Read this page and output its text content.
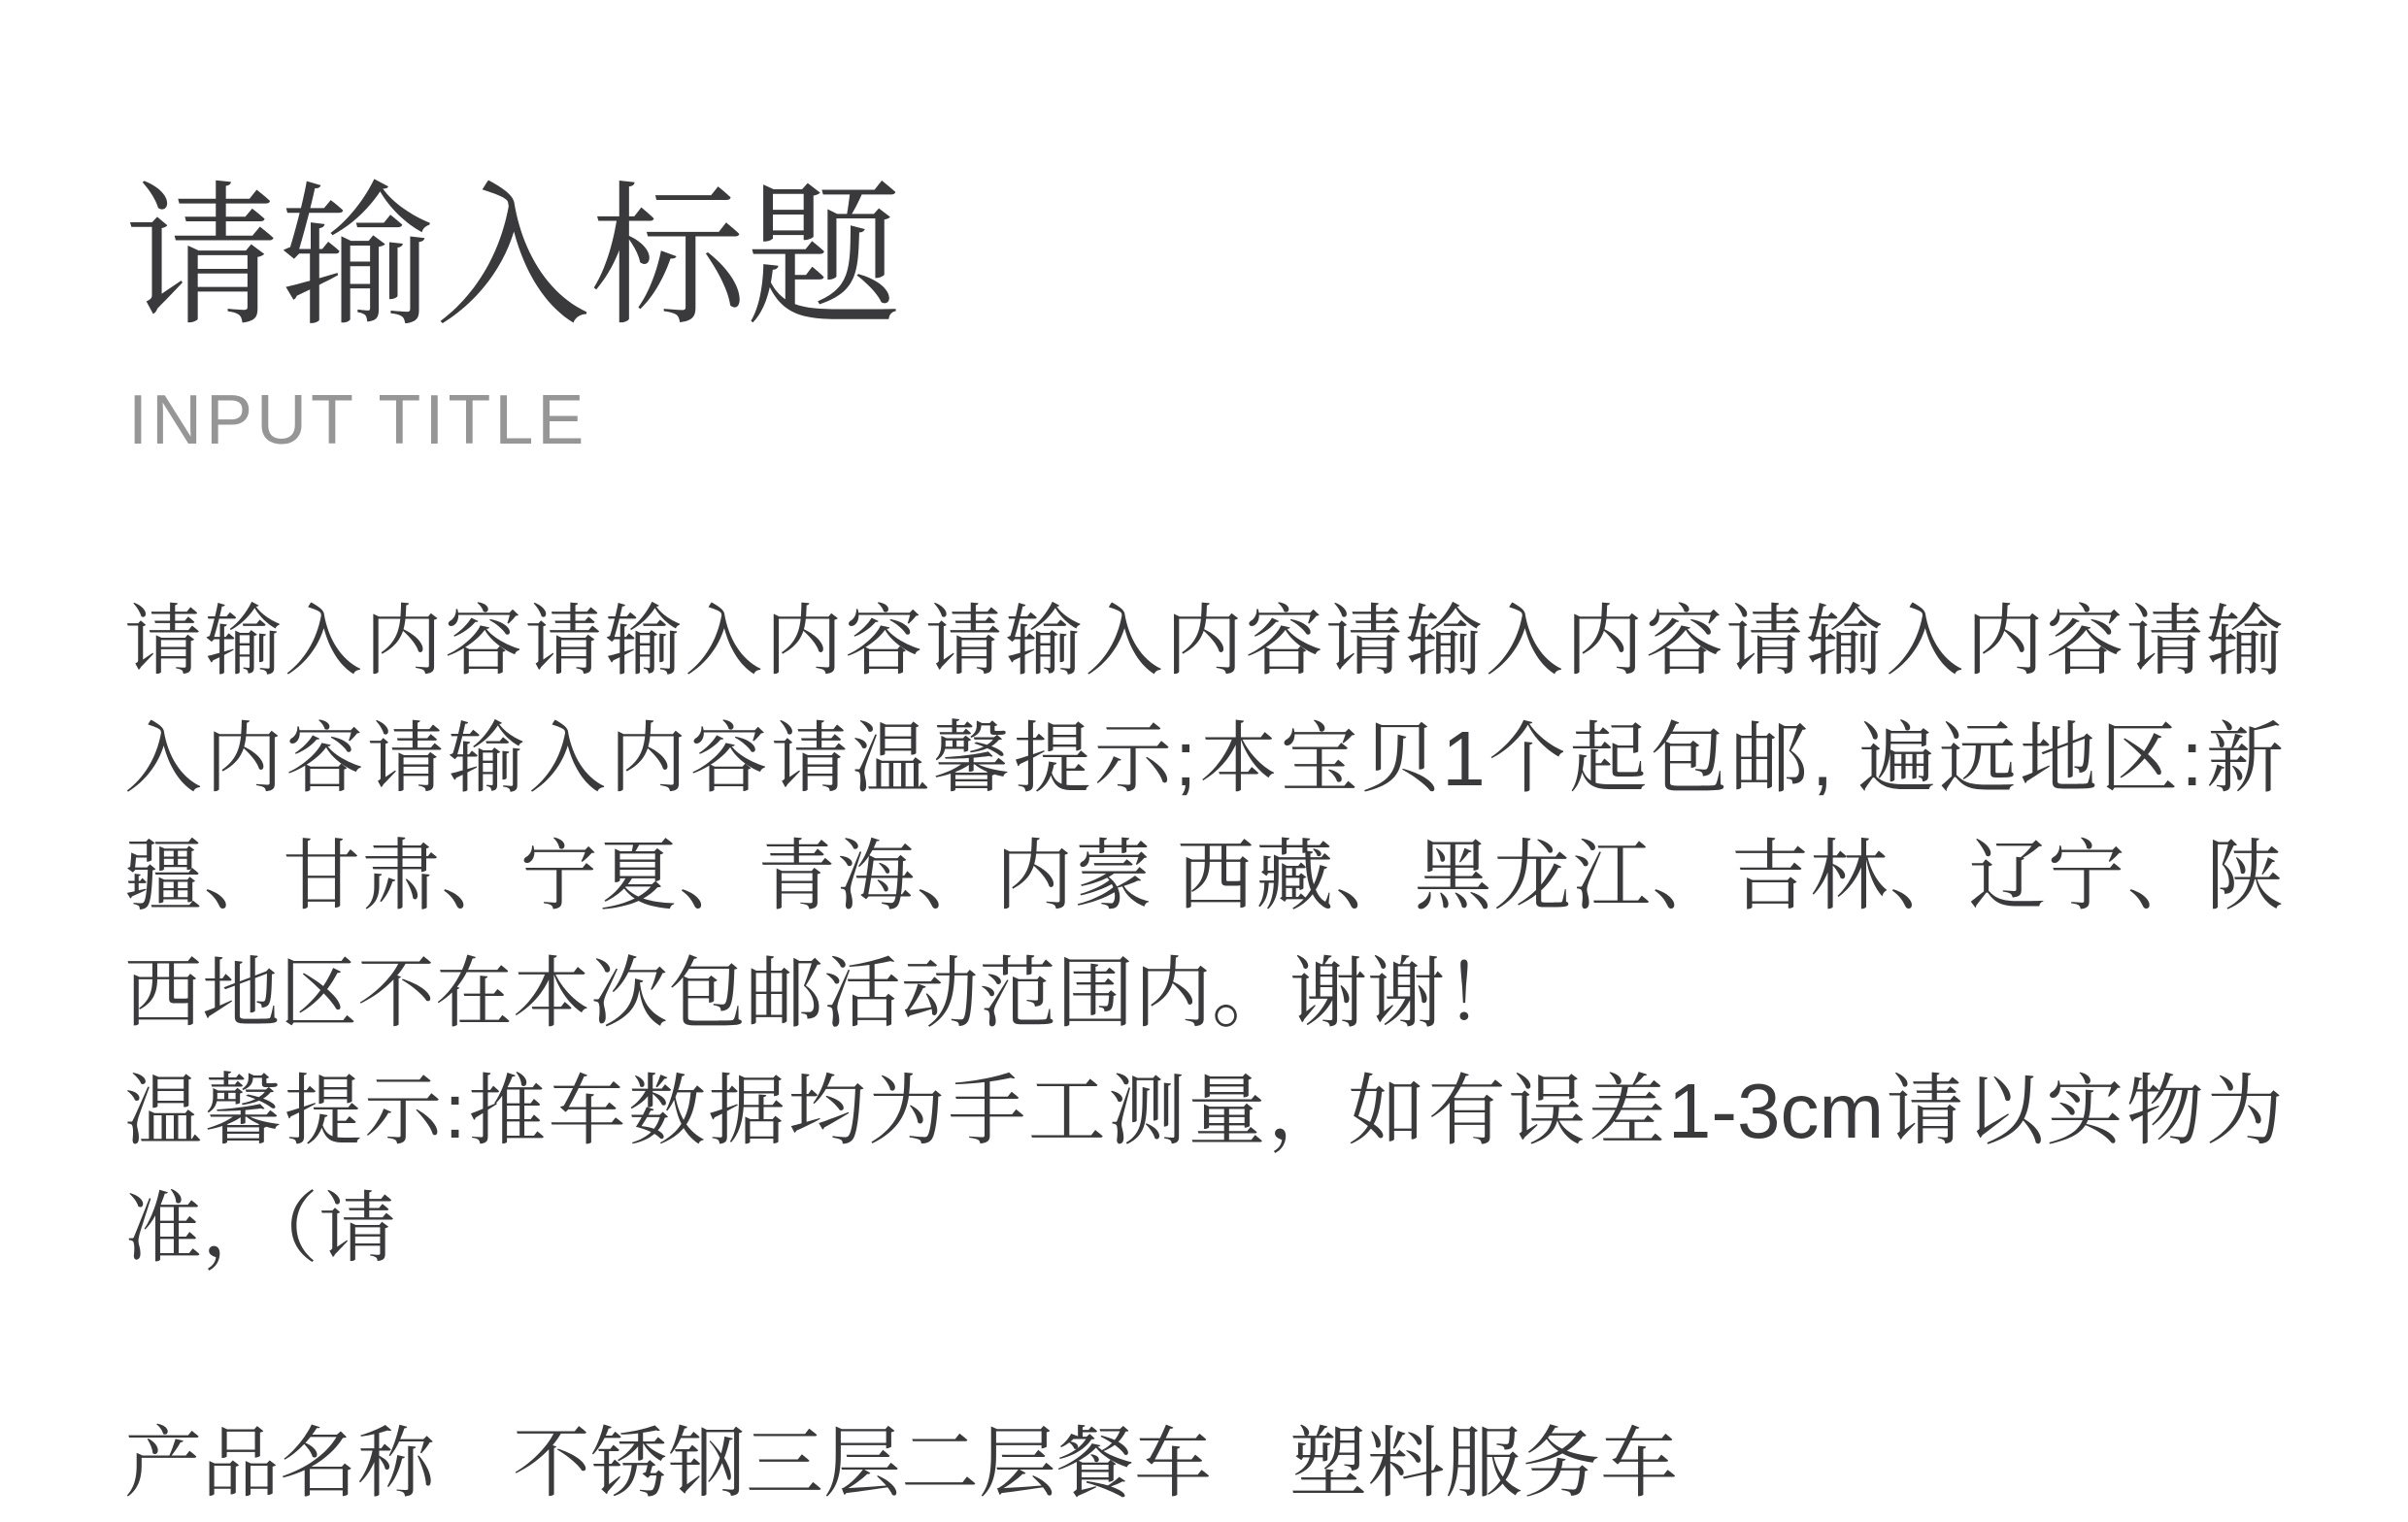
请输入标题
INPUT TITLE
请输入内容请输入内容请输入内容请输入内容请输入内容请输
入内容请输入内容请温馨提示;本宝贝1个起包邮, 遍远地区:新
疆、甘肃、宁夏、青海、内蒙 西藏、黑龙江、吉林、辽宁、陕
西地区不在本次包邮活动范围内。谢谢！
温馨提示:推车数据均为手工测量，如有误差1-3cm请以实物为
准，（请
产品名称　不锈钢三层二层餐车　塑料服务车
